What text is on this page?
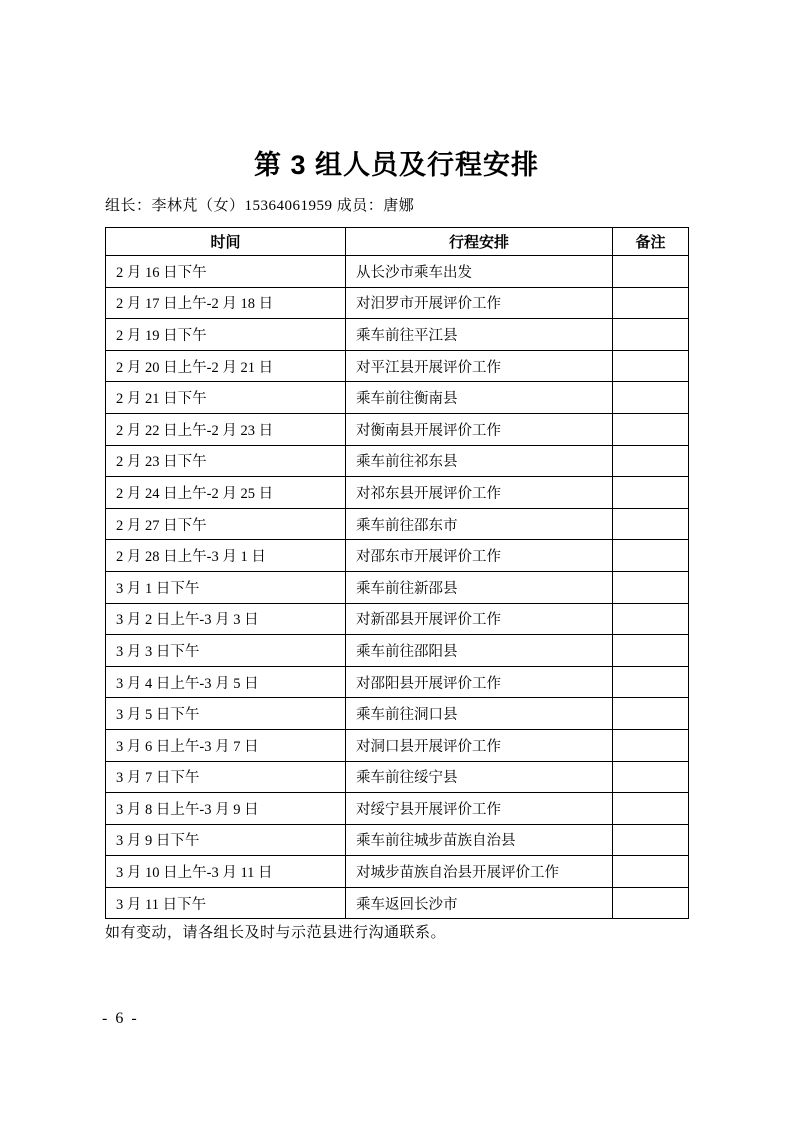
第 3 组人员及行程安排
组长：李林芃（女）15364061959 成员：唐娜
时间	行程安排	备注
2 月 16 日下午	从长沙市乘车出发	
2 月 17 日上午-2 月 18 日	对汨罗市开展评价工作	
2 月 19 日下午	乘车前往平江县	
2 月 20 日上午-2 月 21 日	对平江县开展评价工作	
2 月 21 日下午	乘车前往衡南县	
2 月 22 日上午-2 月 23 日	对衡南县开展评价工作	
2 月 23 日下午	乘车前往祁东县	
2 月 24 日上午-2 月 25 日	对祁东县开展评价工作	
2 月 27 日下午	乘车前往邵东市	
2 月 28 日上午-3 月 1 日	对邵东市开展评价工作	
3 月 1 日下午	乘车前往新邵县	
3 月 2 日上午-3 月 3 日	对新邵县开展评价工作	
3 月 3 日下午	乘车前往邵阳县	
3 月 4 日上午-3 月 5 日	对邵阳县开展评价工作	
3 月 5 日下午	乘车前往洞口县	
3 月 6 日上午-3 月 7 日	对洞口县开展评价工作	
3 月 7 日下午	乘车前往绥宁县	
3 月 8 日上午-3 月 9 日	对绥宁县开展评价工作	
3 月 9 日下午	乘车前往城步苗族自治县	
3 月 10 日上午-3 月 11 日	对城步苗族自治县开展评价工作	
3 月 11 日下午	乘车返回长沙市	
如有变动，请各组长及时与示范县进行沟通联系。
- 6 -
